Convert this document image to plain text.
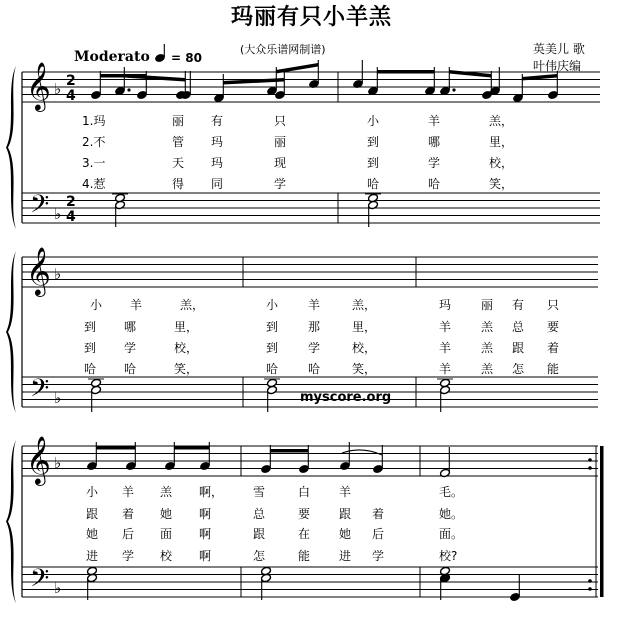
玛丽有只小羊羔
Moderato = 80
(大众乐谱网制谱)	英美儿 歌
叶伟庆编
myscore.org
𝄞
𝄢
♭
♭
2
4
2
4
𝄞
𝄢
♭
♭
𝄞
𝄢
♭
♭
1.玛	丽 有	只	小	羊	羔，
2.不	管 玛	丽	到	哪	里，
3.一	天 玛	现	到	学	校，
4.惹	得 同	学	哈	哈	笑，
小 羊	羔，	小 羊	羔，	玛 丽 有 只
到 哪	里，	到 那	里，	羊 羔 总 要
到 学	校，	到 学	校，	羊 羔 跟 着
哈 哈	笑，	哈 哈	笑，	羊 羔 怎 能
小 羊 羔 啊， 雪	白 羊	毛。
跟 着 她 啊	总	要 跟 着	她。
她 后 面 啊	跟	在 她 后	面。
进 学 校 啊	怎	能 进 学	校?
